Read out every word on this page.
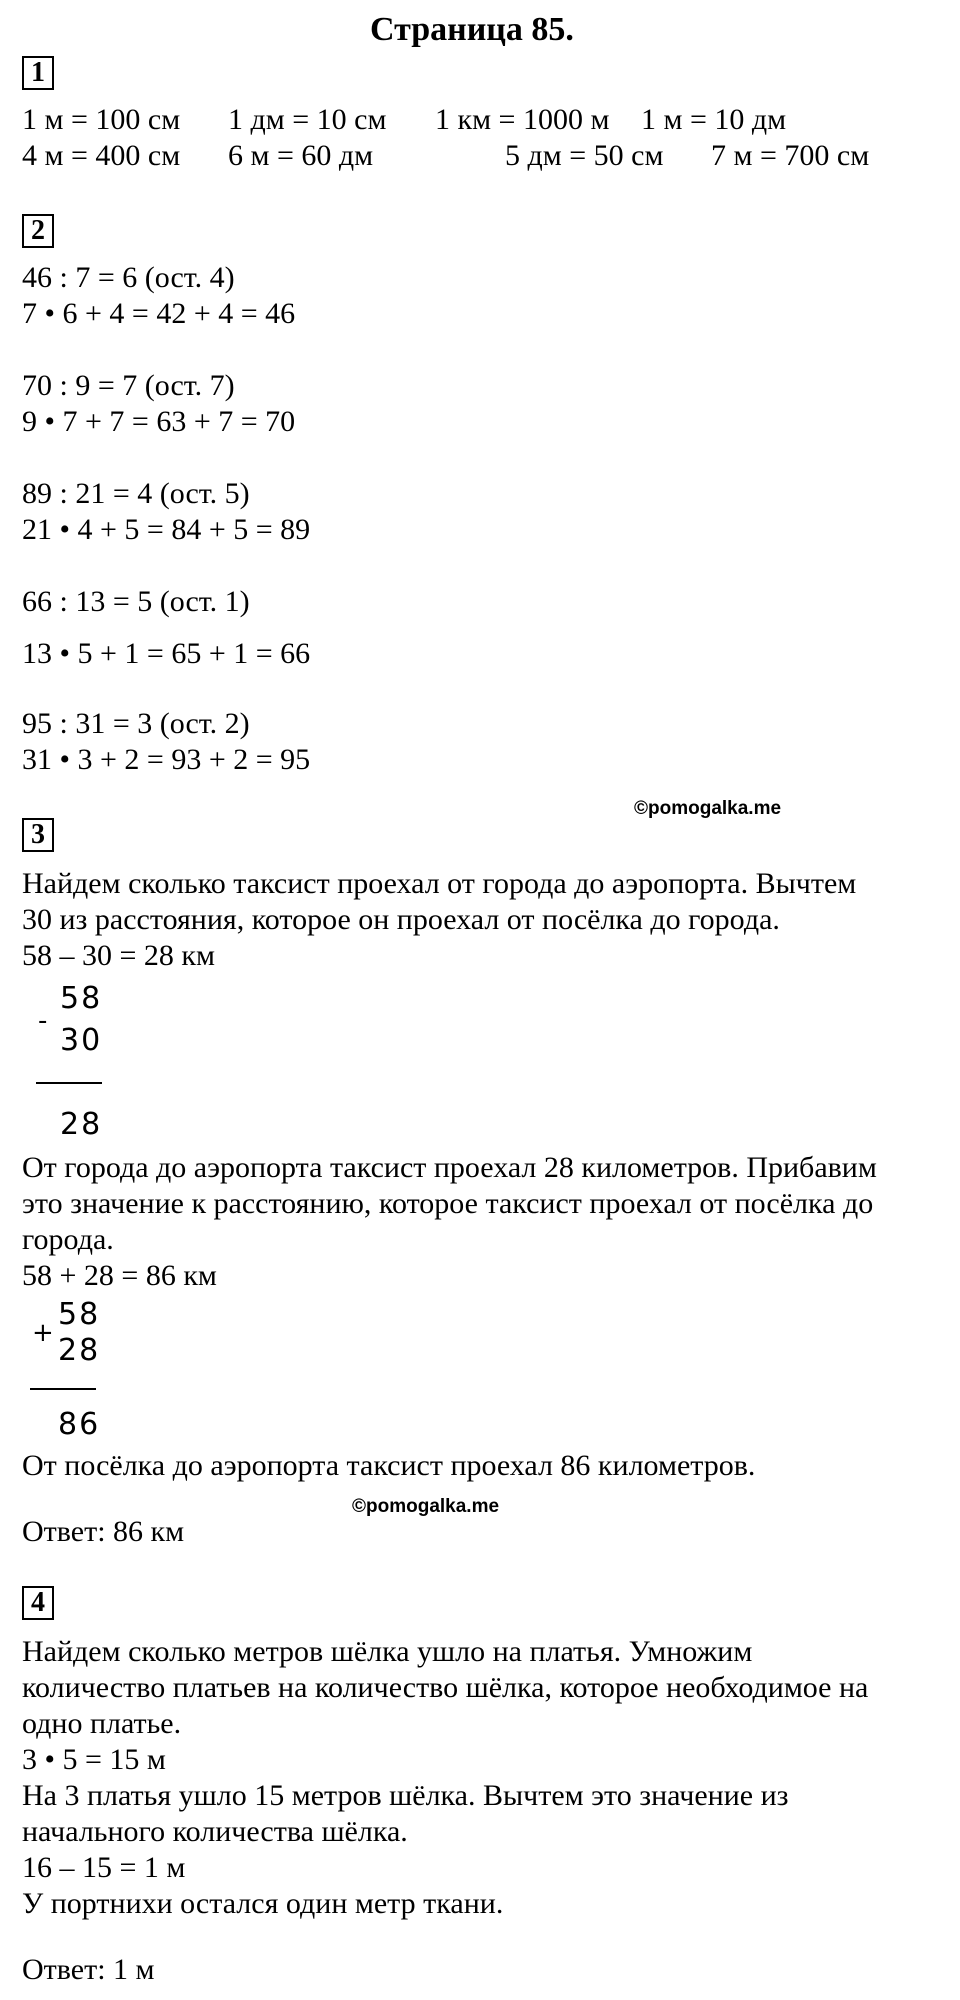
Страница 85.
1
1 м = 100 см 1 дм = 10 см 1 км = 1000 м 1 м = 10 дм
4 м = 400 см 6 м = 60 дм	5 дм = 50 см 7 м = 700 см
2
46 : 7 = 6 (ост. 4)
7 • 6 + 4 = 42 + 4 = 46
70 : 9 = 7 (ост. 7)
9 • 7 + 7 = 63 + 7 = 70
89 : 21 = 4 (ост. 5)
21 • 4 + 5 = 84 + 5 = 89
66 : 13 = 5 (ост. 1)
13 • 5 + 1 = 65 + 1 = 66
95 : 31 = 3 (ост. 2)
31 • 3 + 2 = 93 + 2 = 95
©pomogalka.me
3
Найдем сколько таксист проехал от города до аэропорта. Вычтем
30 из расстояния, которое он проехал от посёлка до города.
58 – 30 = 28 км
-
58
30
28
От города до аэропорта таксист проехал 28 километров. Прибавим
это значение к расстоянию, которое таксист проехал от посёлка до
города.
58 + 28 = 86 км
+
58
28
86
От посёлка до аэропорта таксист проехал 86 километров.
©pomogalka.me
Ответ: 86 км
4
Найдем сколько метров шёлка ушло на платья. Умножим
количество платьев на количество шёлка, которое необходимое на
одно платье.
3 • 5 = 15 м
На 3 платья ушло 15 метров шёлка. Вычтем это значение из
начального количества шёлка.
16 – 15 = 1 м
У портнихи остался один метр ткани.
Ответ: 1 м
